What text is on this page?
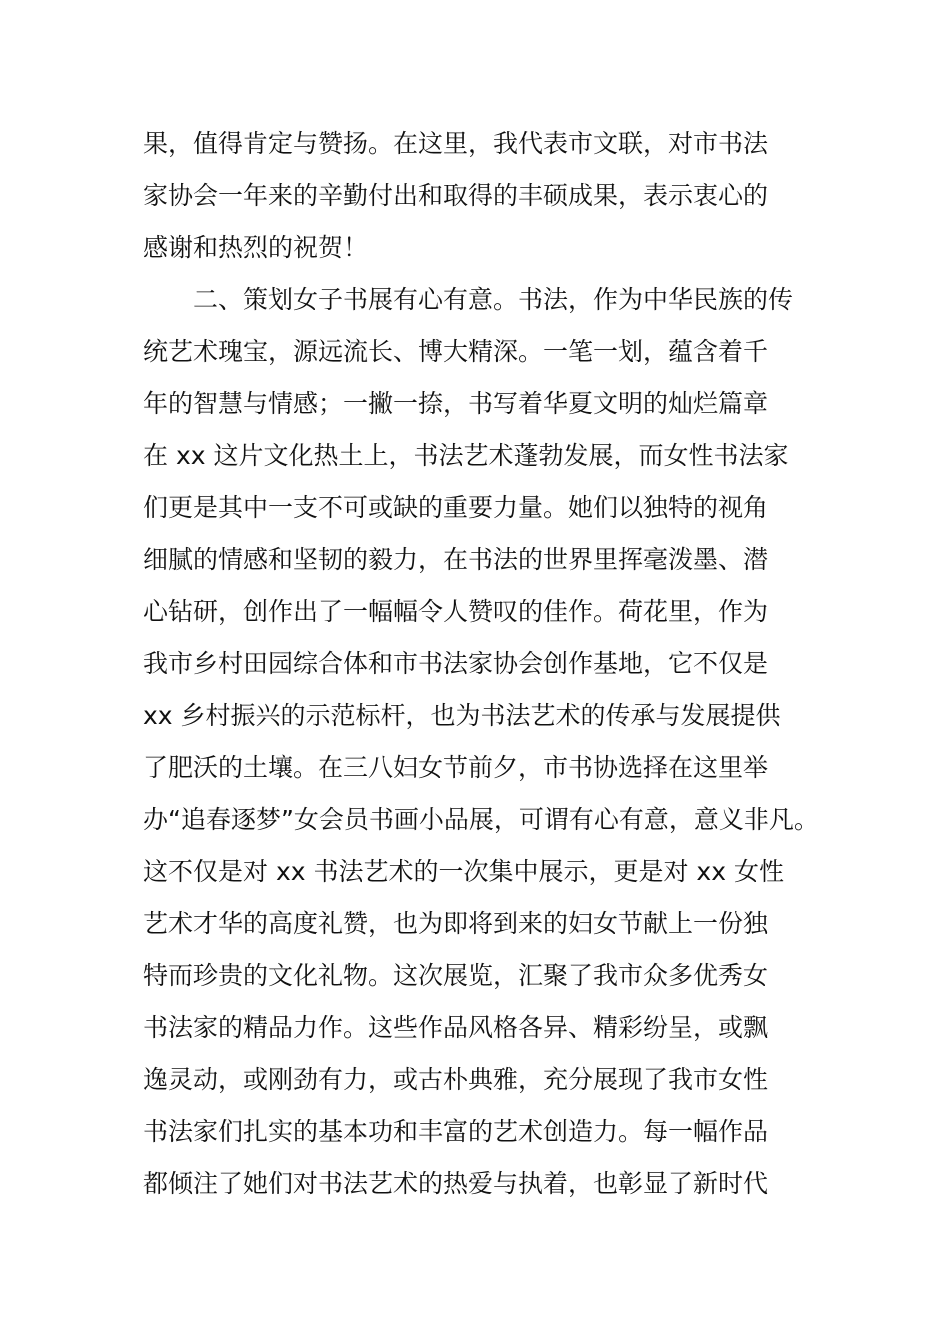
果，值得肯定与赞扬。在这里，我代表市文联，对市书法
家协会一年来的辛勤付出和取得的丰硕成果，表示衷心的
感谢和热烈的祝贺！
二、策划女子书展有心有意。书法，作为中华民族的传
统艺术瑰宝，源远流长、博大精深。一笔一划，蕴含着千
年的智慧与情感；一撇一捺，书写着华夏文明的灿烂篇章
在 xx 这片文化热土上，书法艺术蓬勃发展，而女性书法家
们更是其中一支不可或缺的重要力量。她们以独特的视角
细腻的情感和坚韧的毅力，在书法的世界里挥毫泼墨、潜
心钻研，创作出了一幅幅令人赞叹的佳作。荷花里，作为
我市乡村田园综合体和市书法家协会创作基地，它不仅是
xx 乡村振兴的示范标杆，也为书法艺术的传承与发展提供
了肥沃的土壤。在三八妇女节前夕，市书协选择在这里举
办“追春逐梦”女会员书画小品展，可谓有心有意，意义非凡。
这不仅是对 xx 书法艺术的一次集中展示，更是对 xx 女性
艺术才华的高度礼赞，也为即将到来的妇女节献上一份独
特而珍贵的文化礼物。这次展览，汇聚了我市众多优秀女
书法家的精品力作。这些作品风格各异、精彩纷呈，或飘
逸灵动，或刚劲有力，或古朴典雅，充分展现了我市女性
书法家们扎实的基本功和丰富的艺术创造力。每一幅作品
都倾注了她们对书法艺术的热爱与执着，也彰显了新时代
